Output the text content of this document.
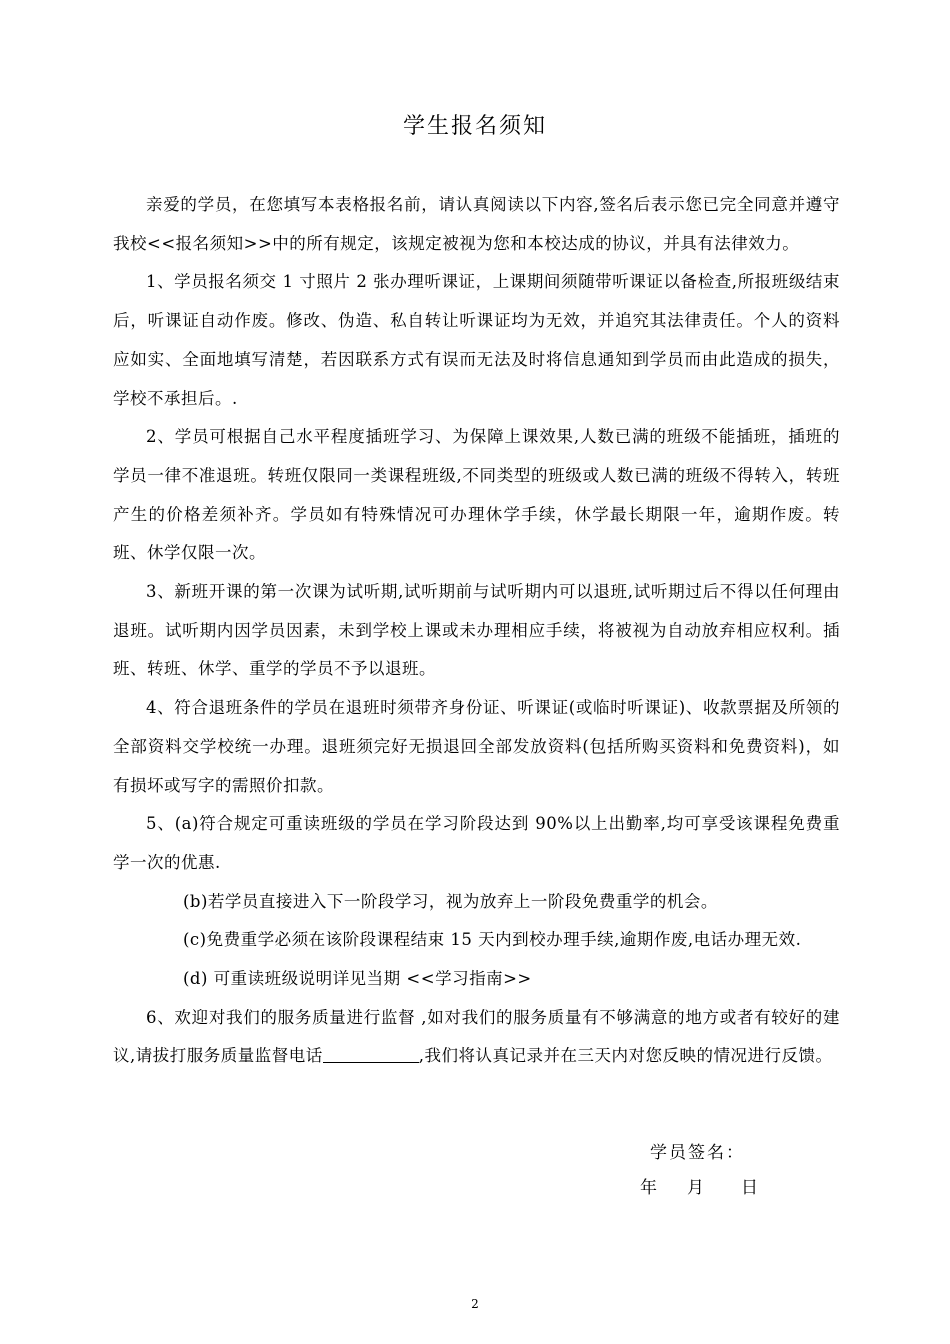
学生报名须知

亲爱的学员，在您填写本表格报名前，请认真阅读以下内容,签名后表示您已完全同意并遵守我校<<报名须知>>中的所有规定，该规定被视为您和本校达成的协议，并具有法律效力。

1、学员报名须交 1 寸照片 2 张办理听课证，上课期间须随带听课证以备检查,所报班级结束后，听课证自动作废。修改、伪造、私自转让听课证均为无效，并追究其法律责任。个人的资料应如实、全面地填写清楚，若因联系方式有误而无法及时将信息通知到学员而由此造成的损失，学校不承担后。.

2、学员可根据自己水平程度插班学习、为保障上课效果,人数已满的班级不能插班，插班的学员一律不准退班。转班仅限同一类课程班级,不同类型的班级或人数已满的班级不得转入，转班产生的价格差须补齐。学员如有特殊情况可办理休学手续，休学最长期限一年，逾期作废。转班、休学仅限一次。

3、新班开课的第一次课为试听期,试听期前与试听期内可以退班,试听期过后不得以任何理由退班。试听期内因学员因素，未到学校上课或未办理相应手续，将被视为自动放弃相应权利。插班、转班、休学、重学的学员不予以退班。

4、符合退班条件的学员在退班时须带齐身份证、听课证(或临时听课证)、收款票据及所领的全部资料交学校统一办理。退班须完好无损退回全部发放资料(包括所购买资料和免费资料)，如有损坏或写字的需照价扣款。

5、(a)符合规定可重读班级的学员在学习阶段达到 90%以上出勤率,均可享受该课程免费重学一次的优惠.

(b)若学员直接进入下一阶段学习，视为放弃上一阶段免费重学的机会。

(c)免费重学必须在该阶段课程结束 15 天内到校办理手续,逾期作废,电话办理无效.

(d) 可重读班级说明详见当期 <<学习指南>>

6、欢迎对我们的服务质量进行监督 ,如对我们的服务质量有不够满意的地方或者有较好的建议,请拔打服务质量监督电话	,我们将认真记录并在三天内对您反映的情况进行反馈。

学员签名：
年 月 日
2
